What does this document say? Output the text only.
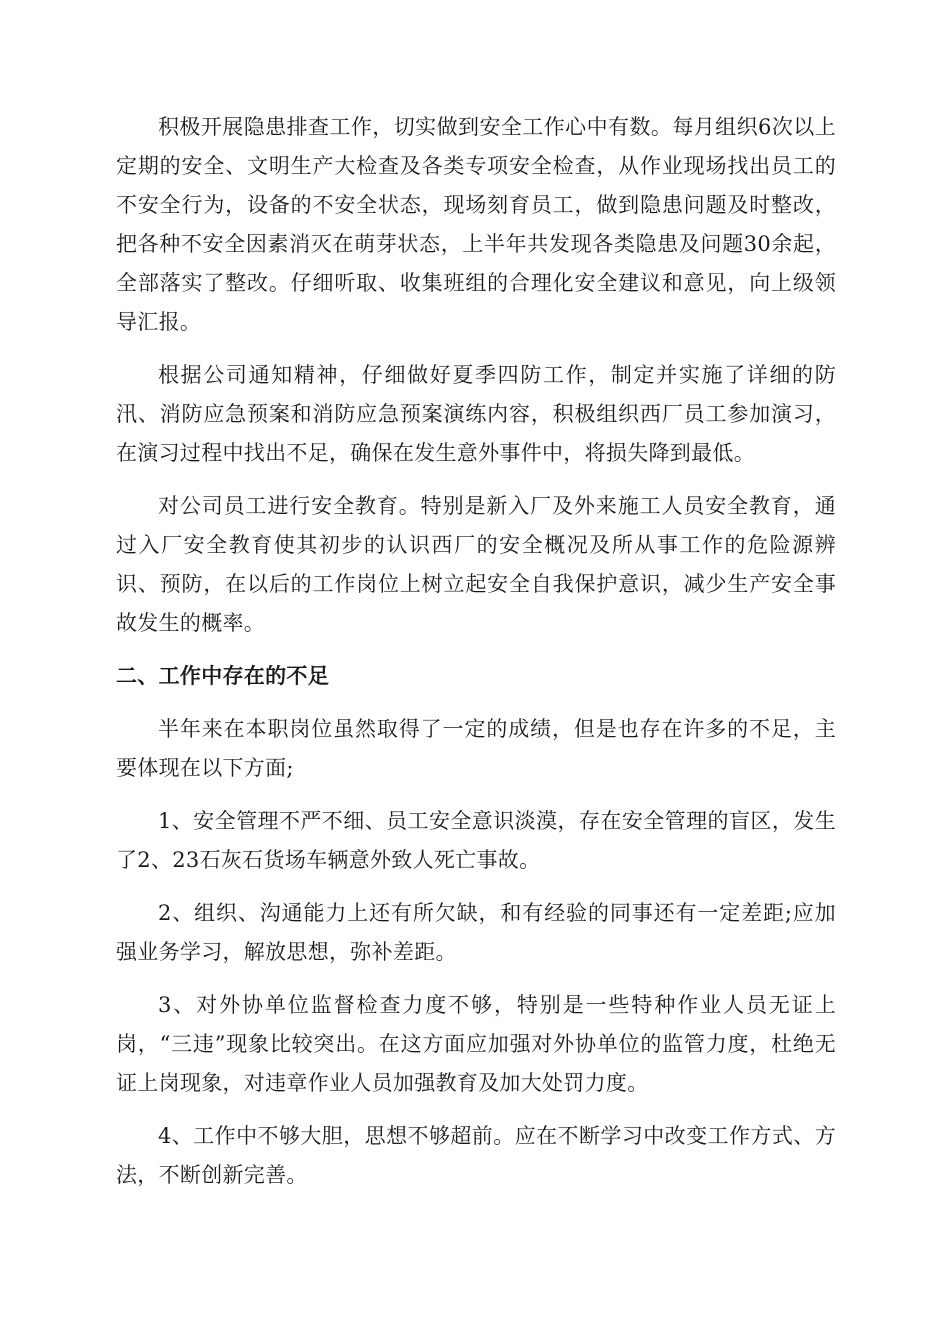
积极开展隐患排查工作，切实做到安全工作心中有数。每月组织6次以上定期的安全、文明生产大检查及各类专项安全检查，从作业现场找出员工的不安全行为，设备的不安全状态，现场刻育员工，做到隐患问题及时整改，把各种不安全因素消灭在萌芽状态，上半年共发现各类隐患及问题30余起，全部落实了整改。仔细听取、收集班组的合理化安全建议和意见，向上级领导汇报。

根据公司通知精神，仔细做好夏季四防工作，制定并实施了详细的防汛、消防应急预案和消防应急预案演练内容，积极组织西厂员工参加演习，在演习过程中找出不足，确保在发生意外事件中，将损失降到最低。

对公司员工进行安全教育。特别是新入厂及外来施工人员安全教育，通过入厂安全教育使其初步的认识西厂的安全概况及所从事工作的危险源辨识、预防，在以后的工作岗位上树立起安全自我保护意识，减少生产安全事故发生的概率。

二、工作中存在的不足

半年来在本职岗位虽然取得了一定的成绩，但是也存在许多的不足，主要体现在以下方面;

1、安全管理不严不细、员工安全意识淡漠，存在安全管理的盲区，发生了2、23石灰石货场车辆意外致人死亡事故。

2、组织、沟通能力上还有所欠缺，和有经验的同事还有一定差距;应加强业务学习，解放思想，弥补差距。

3、对外协单位监督检查力度不够，特别是一些特种作业人员无证上岗，“三违”现象比较突出。在这方面应加强对外协单位的监管力度，杜绝无证上岗现象，对违章作业人员加强教育及加大处罚力度。

4、工作中不够大胆，思想不够超前。应在不断学习中改变工作方式、方法，不断创新完善。
